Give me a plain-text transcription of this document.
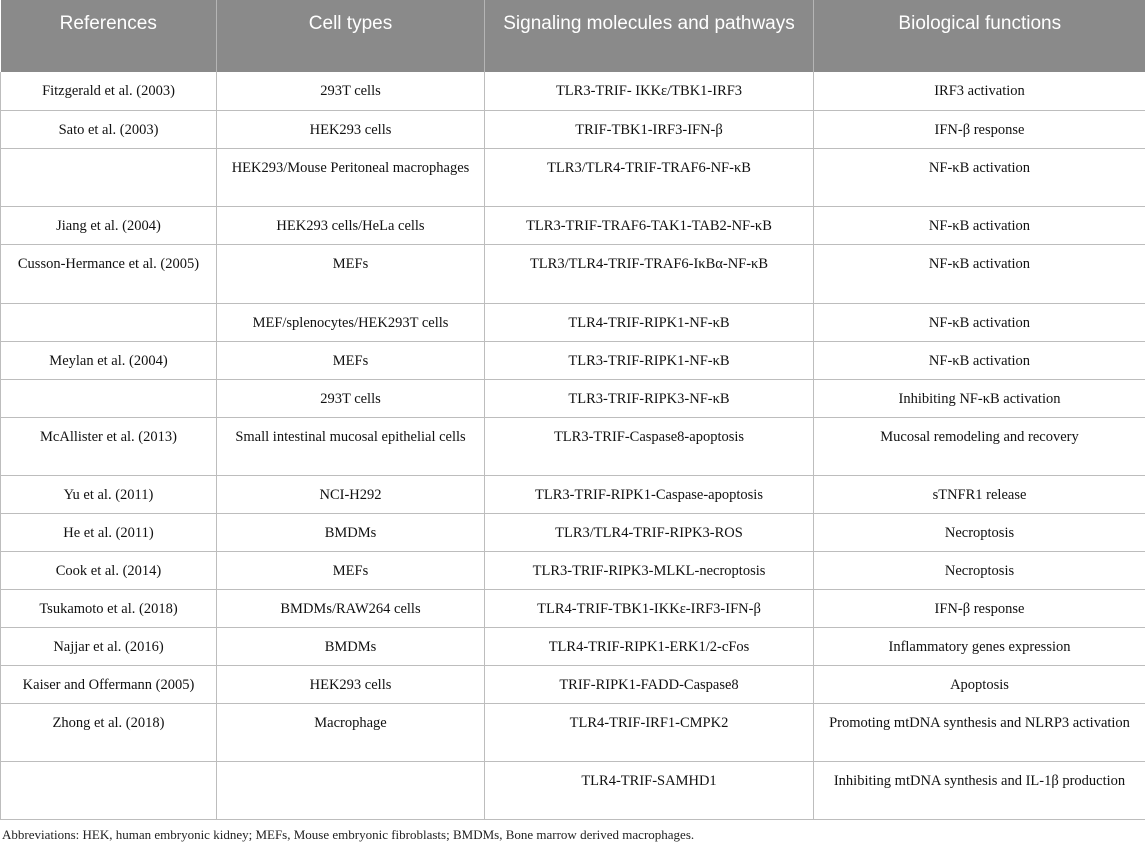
References	Cell types	Signaling molecules and pathways	Biological functions
Fitzgerald et al. (2003)	293T cells	TLR3-TRIF- IKKε/TBK1-IRF3	IRF3 activation
Sato et al. (2003)	HEK293 cells	TRIF-TBK1-IRF3-IFN-β	IFN-β response
	HEK293/Mouse Peritoneal macrophages	TLR3/TLR4-TRIF-TRAF6-NF-κB	NF-κB activation
Jiang et al. (2004)	HEK293 cells/HeLa cells	TLR3-TRIF-TRAF6-TAK1-TAB2-NF-κB	NF-κB activation
Cusson-Hermance et al. (2005)	MEFs	TLR3/TLR4-TRIF-TRAF6-IκBα-NF-κB	NF-κB activation
	MEF/splenocytes/HEK293T cells	TLR4-TRIF-RIPK1-NF-κB	NF-κB activation
Meylan et al. (2004)	MEFs	TLR3-TRIF-RIPK1-NF-κB	NF-κB activation
	293T cells	TLR3-TRIF-RIPK3-NF-κB	Inhibiting NF-κB activation
McAllister et al. (2013)	Small intestinal mucosal epithelial cells	TLR3-TRIF-Caspase8-apoptosis	Mucosal remodeling and recovery
Yu et al. (2011)	NCI-H292	TLR3-TRIF-RIPK1-Caspase-apoptosis	sTNFR1 release
He et al. (2011)	BMDMs	TLR3/TLR4-TRIF-RIPK3-ROS	Necroptosis
Cook et al. (2014)	MEFs	TLR3-TRIF-RIPK3-MLKL-necroptosis	Necroptosis
Tsukamoto et al. (2018)	BMDMs/RAW264 cells	TLR4-TRIF-TBK1-IKKε-IRF3-IFN-β	IFN-β response
Najjar et al. (2016)	BMDMs	TLR4-TRIF-RIPK1-ERK1/2-cFos	Inflammatory genes expression
Kaiser and Offermann (2005)	HEK293 cells	TRIF-RIPK1-FADD-Caspase8	Apoptosis
Zhong et al. (2018)	Macrophage	TLR4-TRIF-IRF1-CMPK2	Promoting mtDNA synthesis and NLRP3 activation
		TLR4-TRIF-SAMHD1	Inhibiting mtDNA synthesis and IL-1β production
Abbreviations: HEK, human embryonic kidney; MEFs, Mouse embryonic fibroblasts; BMDMs, Bone marrow derived macrophages.
